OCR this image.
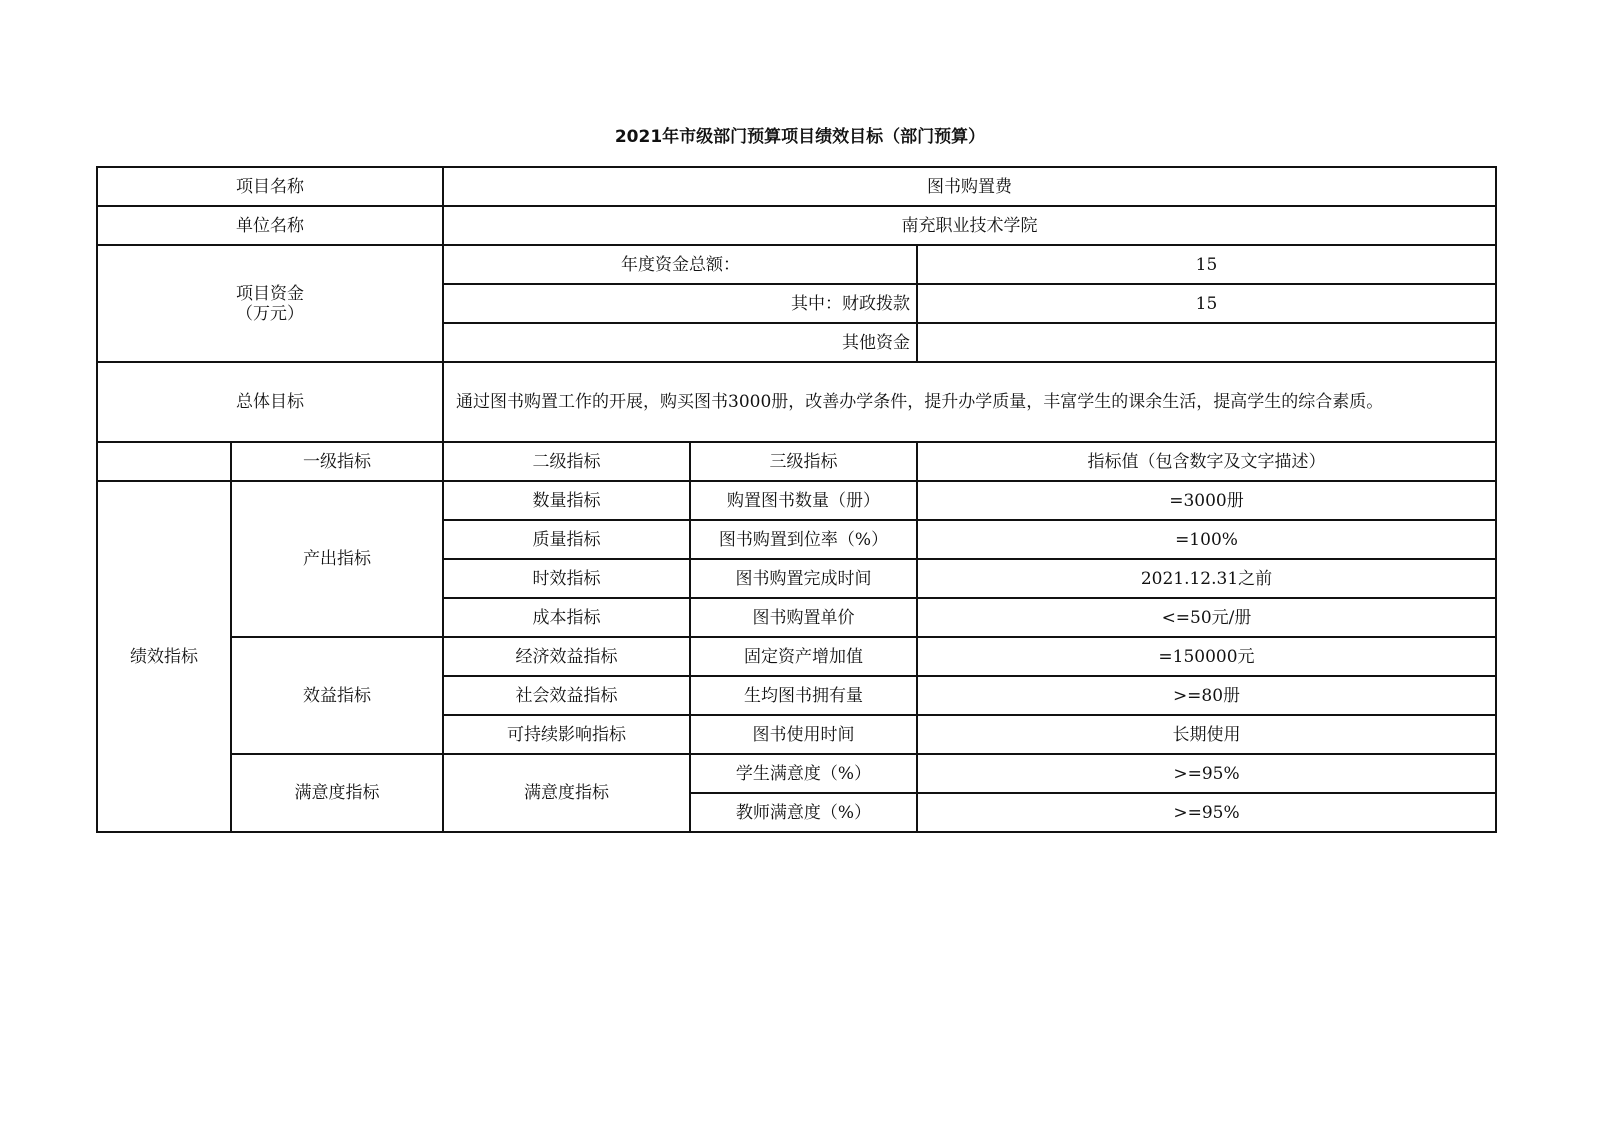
2021年市级部门预算项目绩效目标（部门预算）
项目名称		图书购置费		
单位名称		南充职业技术学院		

项目资金
（万元）		年度资金总额：		15
		其中：财政拨款		15
		其他资金		
总体目标		通过图书购置工作的开展，购买图书3000册，改善办学条件，提升办学质量，丰富学生的课余生活，提高学生的综合素质。		
	一级指标	二级指标	三级指标	指标值（包含数字及文字描述）
绩效指标	产出指标	数量指标	购置图书数量（册）	=3000册
		质量指标	图书购置到位率（%）	=100%
		时效指标	图书购置完成时间	2021.12.31之前
		成本指标	图书购置单价	<=50元/册
	效益指标	经济效益指标	固定资产增加值	=150000元
		社会效益指标	生均图书拥有量	>=80册
		可持续影响指标	图书使用时间	长期使用
	满意度指标	满意度指标	学生满意度（%）	>=95%
			教师满意度（%）	>=95%
